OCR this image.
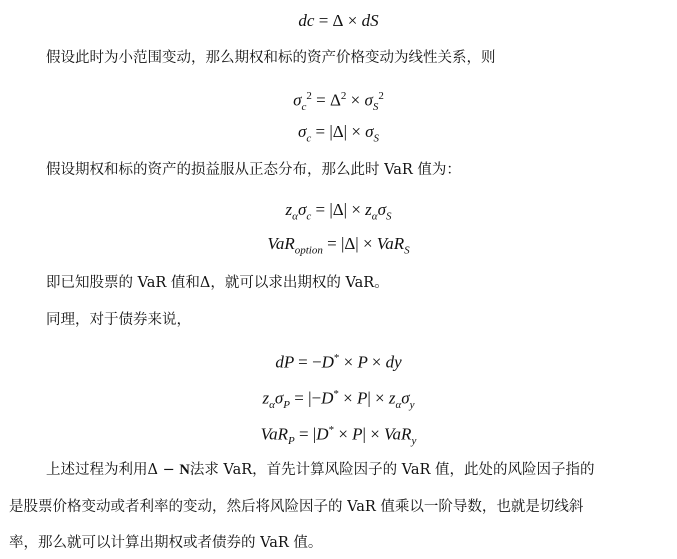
dc = Δ × dS
假设此时为小范围变动，那么期权和标的资产价格变动为线性关系，则
$\sigma_c^2 = \Delta^2 \times \sigma_S^2$
$\sigma_c = |\Delta| \times \sigma_S$
假设期权和标的资产的损益服从正态分布，那么此时 VaR 值为：
$z_\alpha\sigma_c = |\Delta| \times z_\alpha\sigma_S$
VaR$_{option}$ = |Δ| × VaR$_S$
即已知股票的 VaR 值和Δ，就可以求出期权的 VaR。
同理，对于债券来说，
dP = −D* × P × dy
$z_\alpha\sigma_P = |-D^* \times P| \times z_\alpha\sigma_y$
VaR$_P$ = |D* × P| × VaR$_y$
上述过程为利用Δ − N法求 VaR，首先计算风险因子的 VaR 值，此处的风险因子指的
是股票价格变动或者利率的变动，然后将风险因子的 VaR 值乘以一阶导数，也就是切线斜
率，那么就可以计算出期权或者债券的 VaR 值。
